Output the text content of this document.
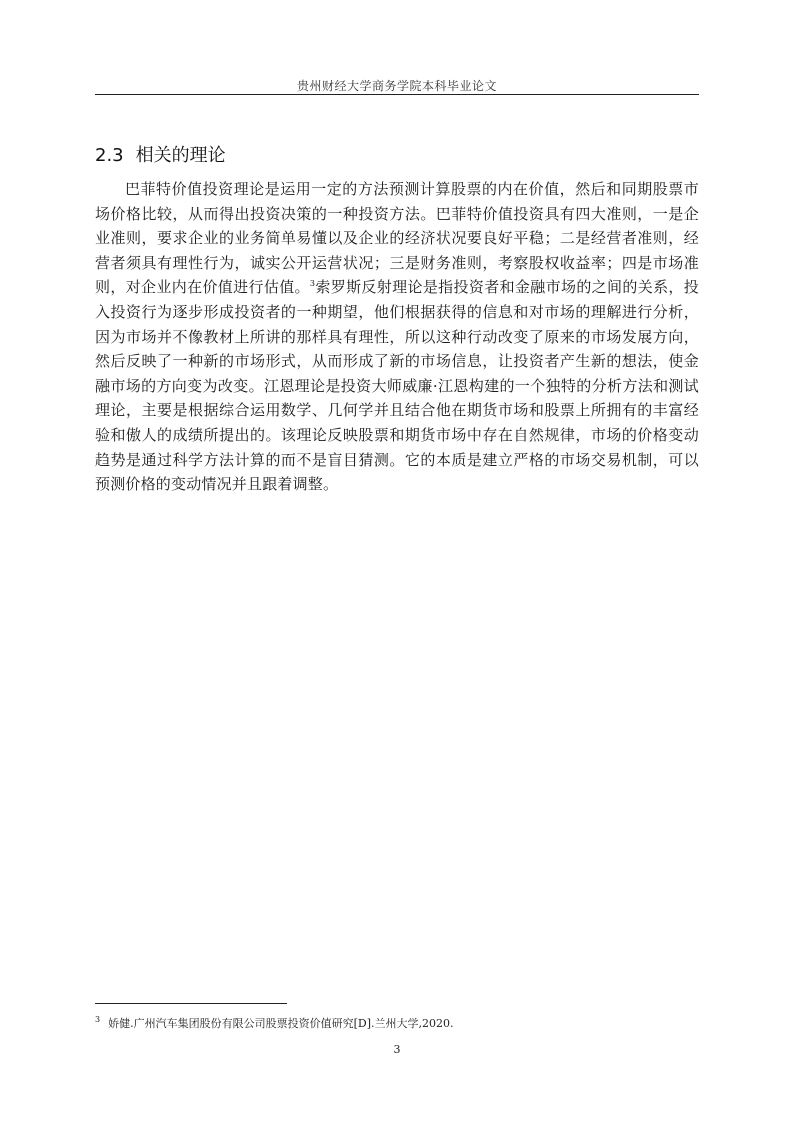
贵州财经大学商务学院本科毕业论文
2.3 相关的理论

巴菲特价值投资理论是运用一定的方法预测计算股票的内在价值，然后和同期股票市场价格比较，从而得出投资决策的一种投资方法。巴菲特价值投资具有四大准则，一是企业准则，要求企业的业务简单易懂以及企业的经济状况要良好平稳；二是经营者准则，经营者须具有理性行为，诚实公开运营状况；三是财务准则，考察股权收益率；四是市场准则，对企业内在价值进行估值。$^3$索罗斯反射理论是指投资者和金融市场的之间的关系，投入投资行为逐步形成投资者的一种期望，他们根据获得的信息和对市场的理解进行分析，因为市场并不像教材上所讲的那样具有理性，所以这种行动改变了原来的市场发展方向，然后反映了一种新的市场形式，从而形成了新的市场信息，让投资者产生新的想法，使金融市场的方向变为改变。江恩理论是投资大师威廉·江恩构建的一个独特的分析方法和测试理论，主要是根据综合运用数学、几何学并且结合他在期货市场和股票上所拥有的丰富经验和傲人的成绩所提出的。该理论反映股票和期货市场中存在自然规律，市场的价格变动趋势是通过科学方法计算的而不是盲目猜测。它的本质是建立严格的市场交易机制，可以预测价格的变动情况并且跟着调整。

$^3$ 娇健.广州汽车集团股份有限公司股票投资价值研究[D].兰州大学,2020.
3
